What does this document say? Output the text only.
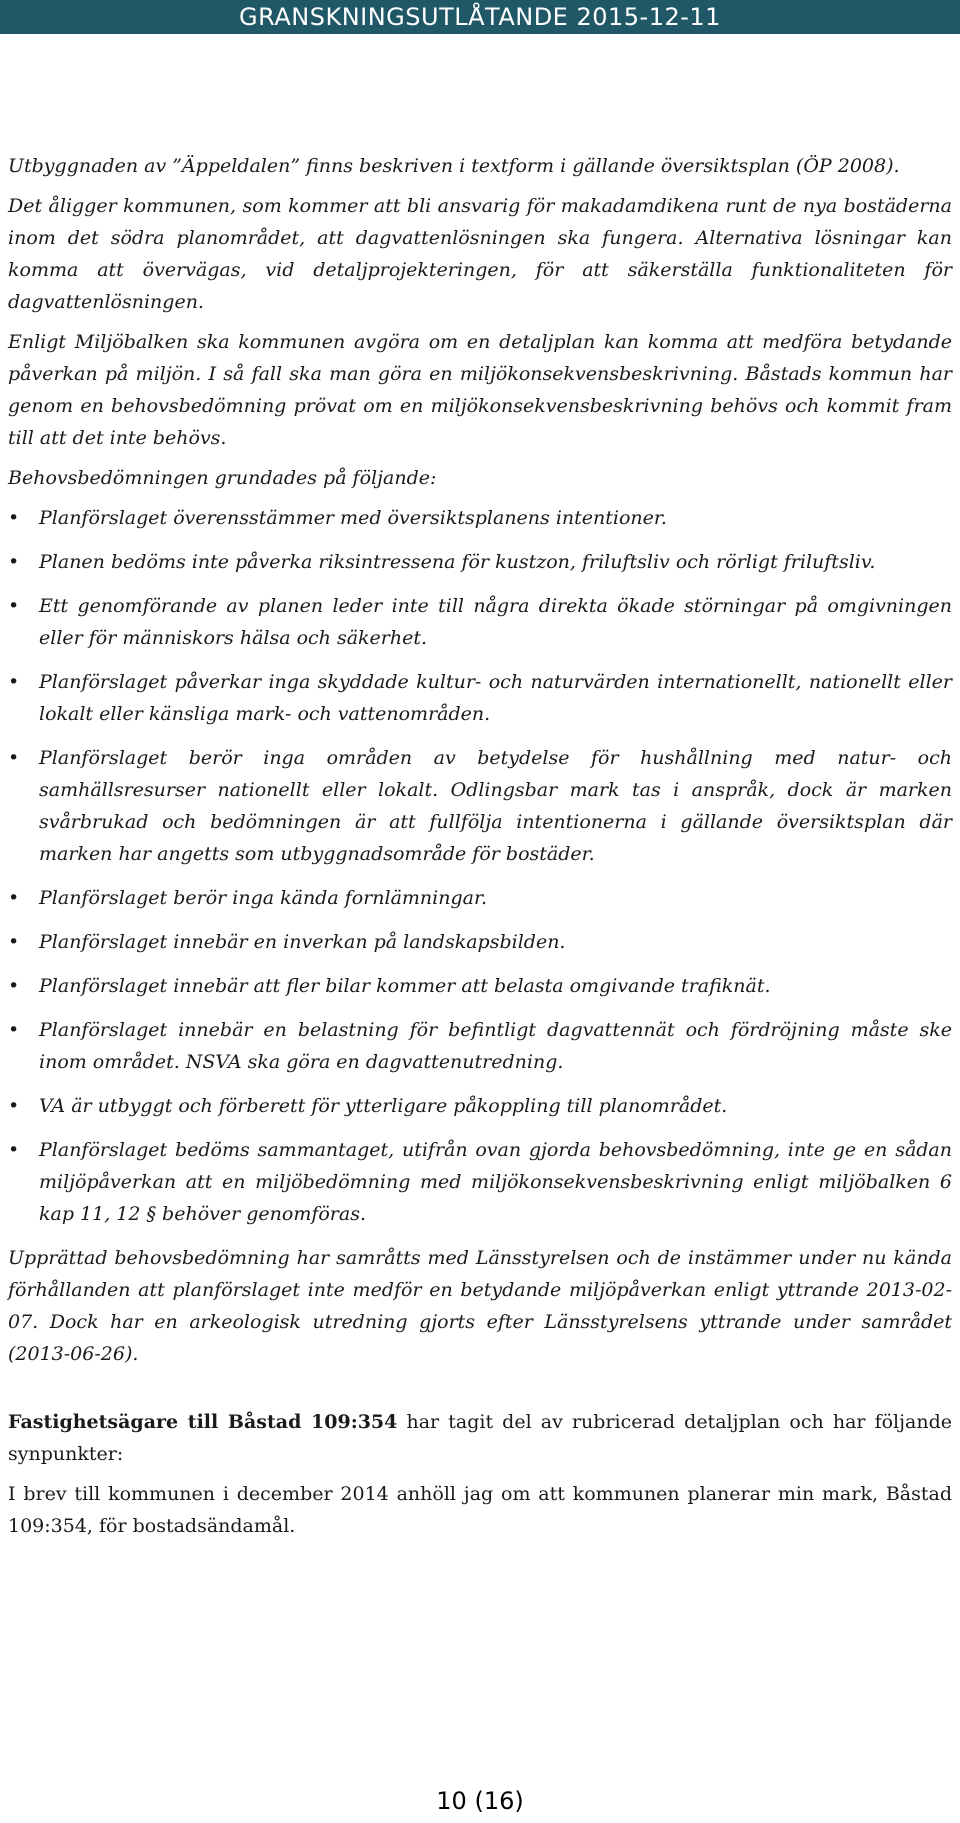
GRANSKNINGSUTLÅTANDE 2015-12-11

Utbyggnaden av ”Äppeldalen” finns beskriven i textform i gällande översiktsplan (ÖP 2008).

Det åligger kommunen, som kommer att bli ansvarig för makadamdikena runt de nya bostäderna inom det södra planområdet, att dagvattenlösningen ska fungera. Alternativa lösningar kan komma att övervägas, vid detaljprojekteringen, för att säkerställa funktionaliteten för dagvattenlösningen.

Enligt Miljöbalken ska kommunen avgöra om en detaljplan kan komma att medföra betydande påverkan på miljön. I så fall ska man göra en miljökonsekvensbeskrivning. Båstads kommun har genom en behovsbedömning prövat om en miljökonsekvensbeskrivning behövs och kommit fram till att det inte behövs.

Behovsbedömningen grundades på följande:

•	Planförslaget överensstämmer med översiktsplanens intentioner.
•	Planen bedöms inte påverka riksintressena för kustzon, friluftsliv och rörligt friluftsliv.
•	Ett genomförande av planen leder inte till några direkta ökade störningar på omgivningen eller för människors hälsa och säkerhet.
•	Planförslaget påverkar inga skyddade kultur- och naturvärden internationellt, nationellt eller lokalt eller känsliga mark- och vattenområden.
•	Planförslaget berör inga områden av betydelse för hushållning med natur- och samhällsresurser nationellt eller lokalt. Odlingsbar mark tas i anspråk, dock är marken svårbrukad och bedömningen är att fullfölja intentionerna i gällande översiktsplan där marken har angetts som utbyggnadsområde för bostäder.
•	Planförslaget berör inga kända fornlämningar.
•	Planförslaget innebär en inverkan på landskapsbilden.
•	Planförslaget innebär att fler bilar kommer att belasta omgivande trafiknät.
•	Planförslaget innebär en belastning för befintligt dagvattennät och fördröjning måste ske inom området. NSVA ska göra en dagvattenutredning.
•	VA är utbyggt och förberett för ytterligare påkoppling till planområdet.
•	Planförslaget bedöms sammantaget, utifrån ovan gjorda behovsbedömning, inte ge en sådan miljöpåverkan att en miljöbedömning med miljökonsekvensbeskrivning enligt miljöbalken 6 kap 11, 12 § behöver genomföras.

Upprättad behovsbedömning har samråtts med Länsstyrelsen och de instämmer under nu kända förhållanden att planförslaget inte medför en betydande miljöpåverkan enligt yttrande 2013-02-07. Dock har en arkeologisk utredning gjorts efter Länsstyrelsens yttrande under samrådet (2013-06-26).

Fastighetsägare till Båstad 109:354 har tagit del av rubricerad detaljplan och har följande synpunkter:

I brev till kommunen i december 2014 anhöll jag om att kommunen planerar min mark, Båstad 109:354, för bostadsändamål.

10 (16)
